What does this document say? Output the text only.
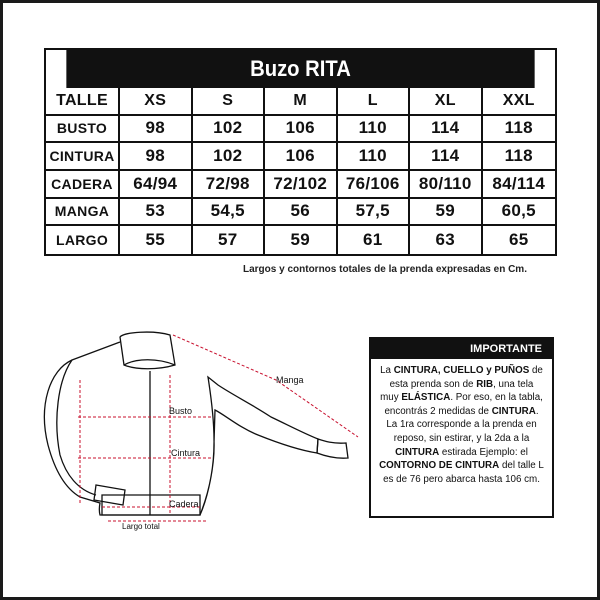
Buzo RITA
TALLE	XS	S	M	L	XL	XXL
BUSTO	98	102	106	110	114	118
CINTURA	98	102	106	110	114	118
CADERA	64/94	72/98	72/102	76/106	80/110	84/114
MANGA	53	54,5	56	57,5	59	60,5
LARGO	55	57	59	61	63	65
Largos y contornos totales de la prenda expresadas en Cm.
Manga
Busto
Cintura
Cadera
Largo total
IMPORTANTE
La CINTURA, CUELLO y PUÑOS de esta prenda son de RIB, una tela muy ELÁSTICA. Por eso, en la tabla, encontrás 2 medidas de CINTURA. La 1ra corresponde a la prenda en reposo, sin estirar, y la 2da a la CINTURA estirada Ejemplo: el CONTORNO DE CINTURA del talle L es de 76 pero abarca hasta 106 cm.
